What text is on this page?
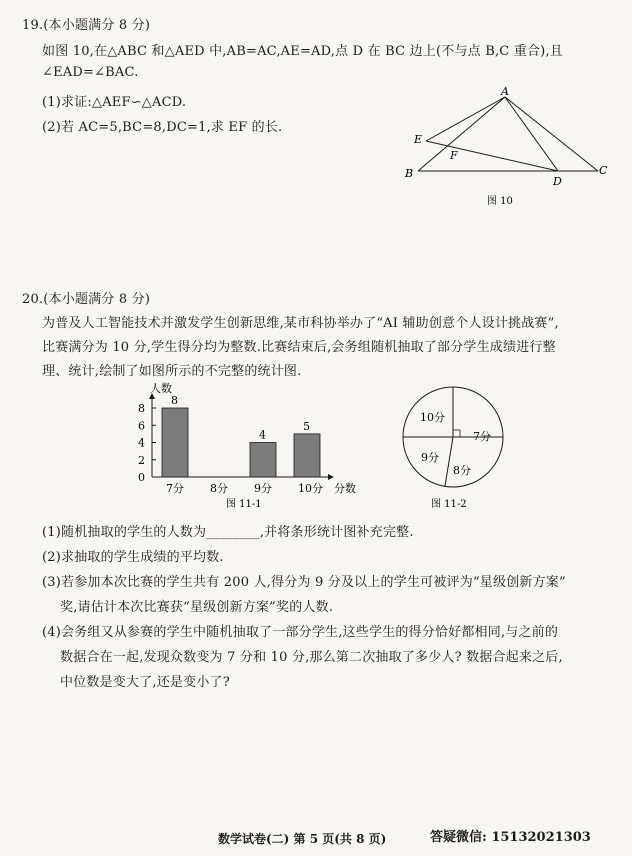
19.(本小题满分 8 分)
如图 10,在△ABC 和△AED 中,AB=AC,AE=AD,点 D 在 BC 边上(不与点 B,C 重合),且
∠EAD=∠BAC.
(1)求证:△AEF∽△ACD.
(2)若 AC=5,BC=8,DC=1,求 EF 的长.
A
E
F
B
D
C
图 10
20.(本小题满分 8 分)
为普及人工智能技术并激发学生创新思维,某市科协举办了“AI 辅助创意个人设计挑战赛”,
比赛满分为 10 分,学生得分均为整数.比赛结束后,会务组随机抽取了部分学生成绩进行整
理、统计,绘制了如图所示的不完整的统计图.
0
2
4
6
8
8
7分 8分
4
9分
5
10分
人数
分数
图 11-1
10分
7分
8分
9分
图 11-2
(1)随机抽取的学生的人数为________,并将条形统计图补充完整.
(2)求抽取的学生成绩的平均数.
(3)若参加本次比赛的学生共有 200 人,得分为 9 分及以上的学生可被评为“星级创新方案”
奖,请估计本次比赛获“星级创新方案”奖的人数.
(4)会务组又从参赛的学生中随机抽取了一部分学生,这些学生的得分恰好都相同,与之前的
数据合在一起,发现众数变为 7 分和 10 分,那么第二次抽取了多少人? 数据合起来之后,
中位数是变大了,还是变小了?
数学试卷(二) 第 5 页(共 8 页)	答疑微信: 15132021303
